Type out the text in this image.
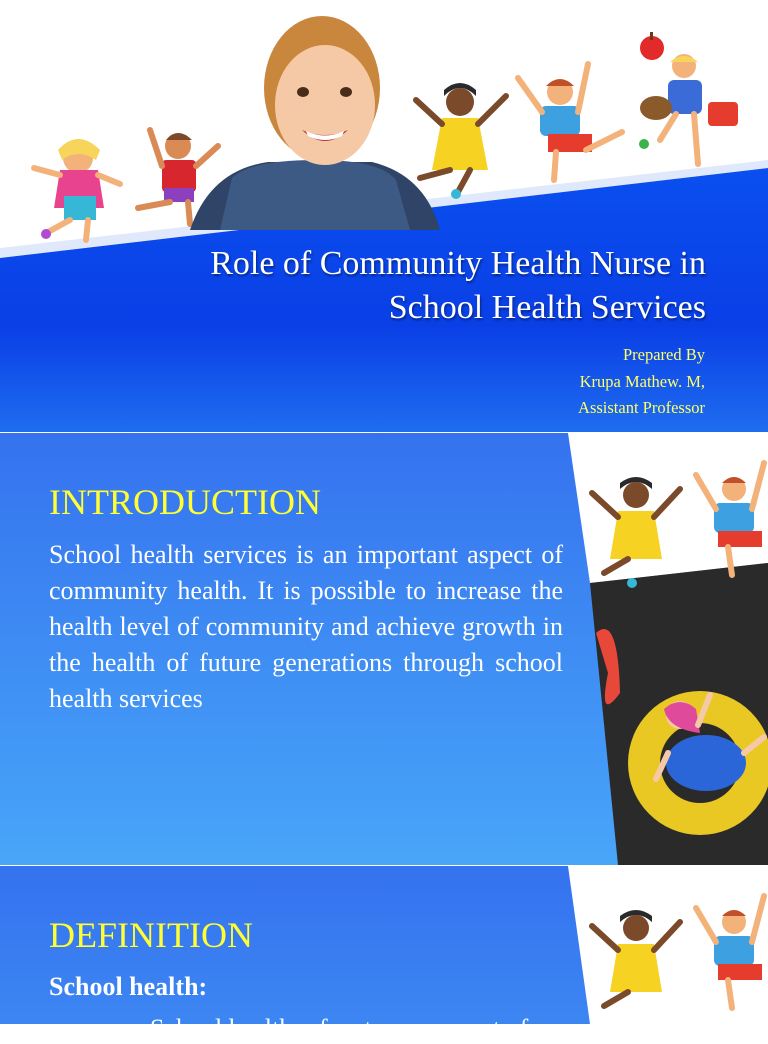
Role of Community Health Nurse in
School Health Services
Prepared By
Krupa Mathew. M,
Assistant Professor
INTRODUCTION

School health services is an important aspect of community health. It is possible to increase the health level of community and achieve growth in the health of future generations through school health services

DEFINITION
School health:
School health refers to any aspect of
